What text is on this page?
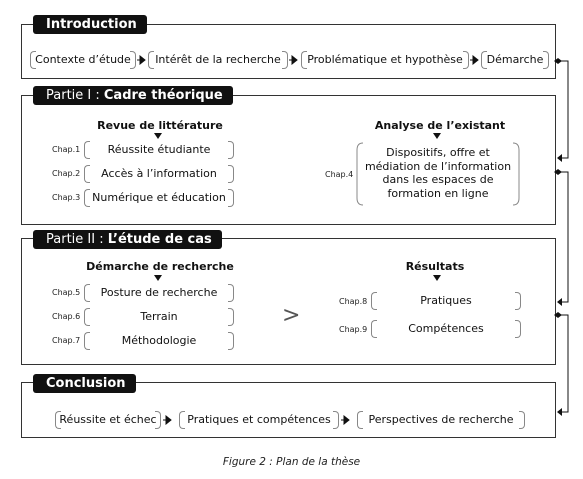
Introduction
Contexte d’étude	Intérêt de la recherche	Problématique et hypothèse	Démarche
Partie I : Cadre théorique
Revue de littérature
Chap.1	Réussite étudiante
Chap.2	Accès à l’information
Chap.3	Numérique et éducation
Analyse de l’existant
Chap.4
Dispositifs, offre et
médiation de l’information
dans les espaces de
formation en ligne
Partie II : L’étude de cas
Démarche de recherche
Chap.5	Posture de recherche
Chap.6	Terrain
Chap.7	Méthodologie
>
Résultats
Chap.8	Pratiques
Chap.9	Compétences
Conclusion
Réussite et échec	Pratiques et compétences	Perspectives de recherche
Figure 2 : Plan de la thèse
